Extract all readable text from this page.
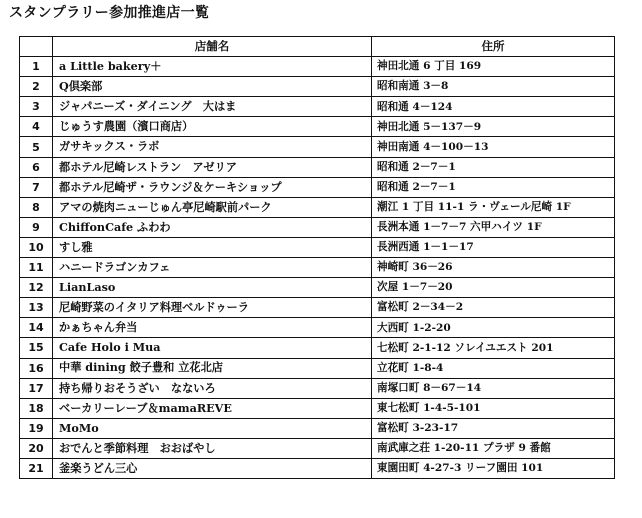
スタンプラリー参加推進店一覧
	店舗名	住所
1	a Little bakery＋	神田北通 6 丁目 169
2	Q倶楽部	昭和南通 3－8
3	ジャパニーズ・ダイニング　大はま	昭和通 4－124
4	じゅうす農園（濱口商店）	神田北通 5－137－9
5	ガサキックス・ラボ	神田南通 4－100－13
6	都ホテル尼崎レストラン　アゼリア	昭和通 2－7－1
7	都ホテル尼崎ザ・ラウンジ＆ケーキショップ	昭和通 2－7－1
8	アマの焼肉ニューじゅん亭尼崎駅前パーク	潮江 1 丁目 11-1 ラ・ヴェール尼崎 1F
9	ChiffonCafe ふわわ	長洲本通 1－7－7 六甲ハイツ 1F
10	すし雅	長洲西通 1－1－17
11	ハニードラゴンカフェ	神崎町 36－26
12	LianLaso	次屋 1－7－20
13	尼崎野菜のイタリア料理ベルドゥーラ	富松町 2－34－2
14	かぁちゃん弁当	大西町 1-2-20
15	Cafe Holo i Mua	七松町 2-1-12 ソレイユエスト 201
16	中華 dining 餃子豊和 立花北店	立花町 1-8-4
17	持ち帰りおそうざい　なないろ	南塚口町 8－67－14
18	ベーカリーレーブ＆mamaREVE	東七松町 1-4-5-101
19	MoMo	富松町 3-23-17
20	おでんと季節料理　おおばやし	南武庫之荘 1-20-11 プラザ 9 番館
21	釜楽うどん三心	東園田町 4-27-3 リーフ園田 101
